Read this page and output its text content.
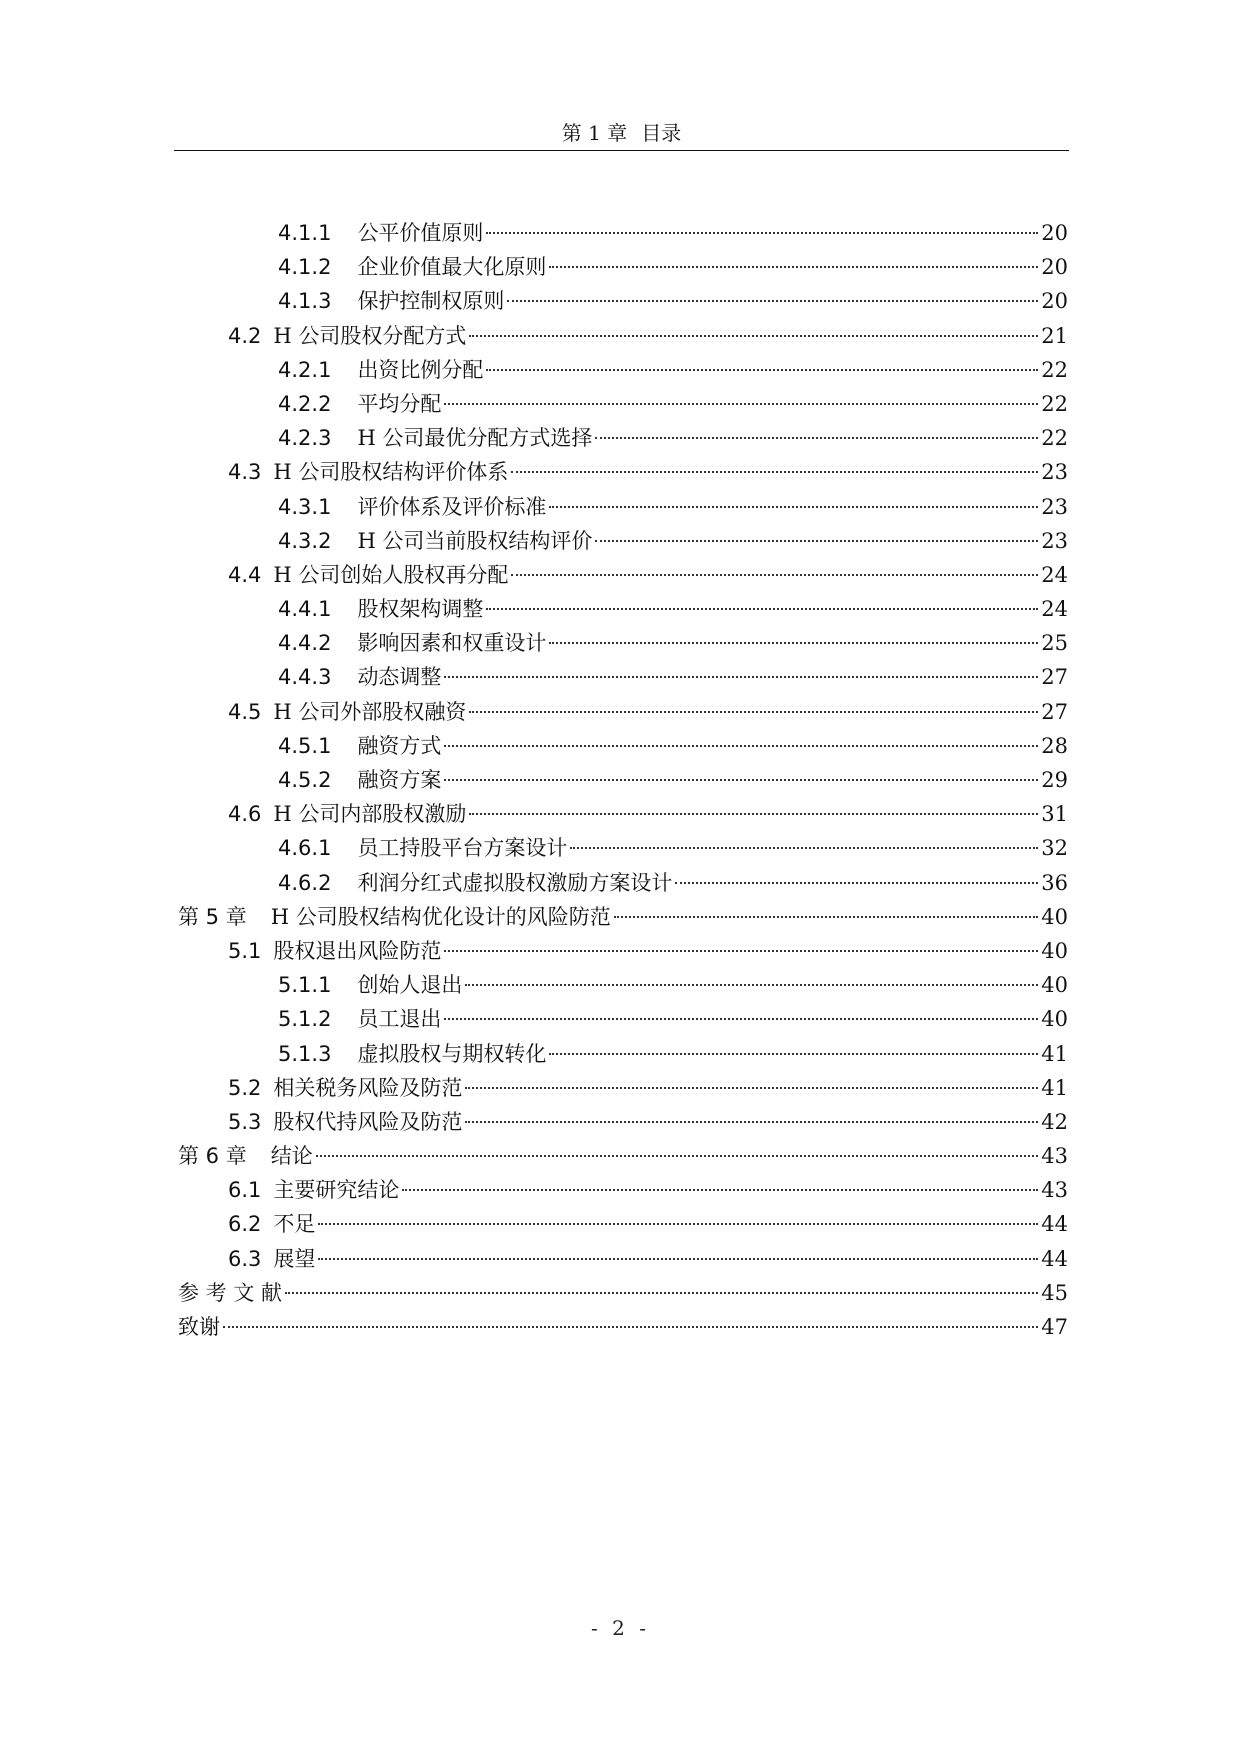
第 1 章 目录
4.1.1 公平价值原则	20
4.1.2 企业价值最大化原则	20
4.1.3 保护控制权原则	20
4.2 H 公司股权分配方式	21
4.2.1 出资比例分配	22
4.2.2 平均分配	22
4.2.3 H 公司最优分配方式选择	22
4.3 H 公司股权结构评价体系	23
4.3.1 评价体系及评价标准	23
4.3.2 H 公司当前股权结构评价	23
4.4 H 公司创始人股权再分配	24
4.4.1 股权架构调整	24
4.4.2 影响因素和权重设计	25
4.4.3 动态调整	27
4.5 H 公司外部股权融资	27
4.5.1 融资方式	28
4.5.2 融资方案	29
4.6 H 公司内部股权激励	31
4.6.1 员工持股平台方案设计	32
4.6.2 利润分红式虚拟股权激励方案设计	36
第 5 章 H 公司股权结构优化设计的风险防范	40
5.1 股权退出风险防范	40
5.1.1 创始人退出	40
5.1.2 员工退出	40
5.1.3 虚拟股权与期权转化	41
5.2 相关税务风险及防范	41
5.3 股权代持风险及防范	42
第 6 章 结论	43
6.1 主要研究结论	43
6.2 不足	44
6.3 展望	44
参 考 文 献	45
致谢	47
- 2 -
